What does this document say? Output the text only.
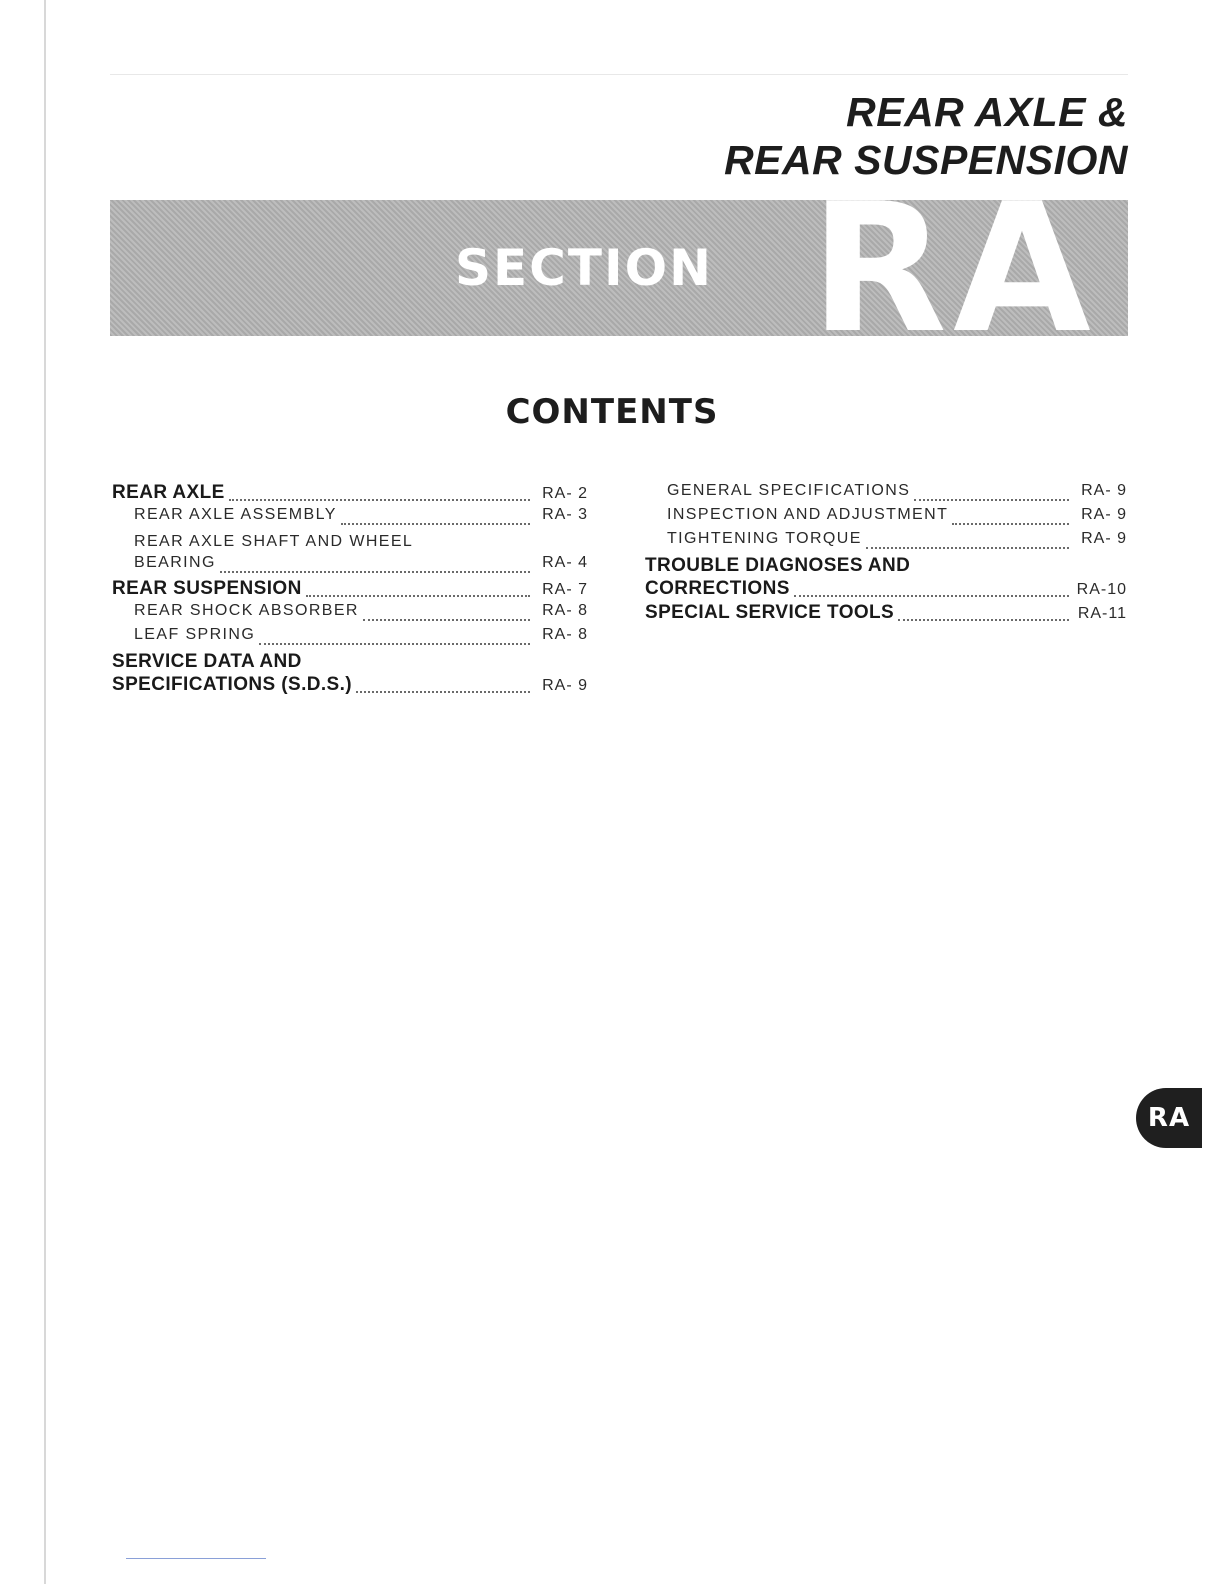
REAR AXLE &
REAR SUSPENSION
SECTION RA
CONTENTS
REAR AXLE	RA- 2
REAR AXLE ASSEMBLY	RA- 3
REAR AXLE SHAFT AND WHEEL
BEARING	RA- 4
REAR SUSPENSION	RA- 7
REAR SHOCK ABSORBER	RA- 8
LEAF SPRING	RA- 8
SERVICE DATA AND
SPECIFICATIONS (S.D.S.)	RA- 9
GENERAL SPECIFICATIONS	RA- 9
INSPECTION AND ADJUSTMENT	RA- 9
TIGHTENING TORQUE	RA- 9
TROUBLE DIAGNOSES AND
CORRECTIONS	RA-10
SPECIAL SERVICE TOOLS	RA-11
RA
